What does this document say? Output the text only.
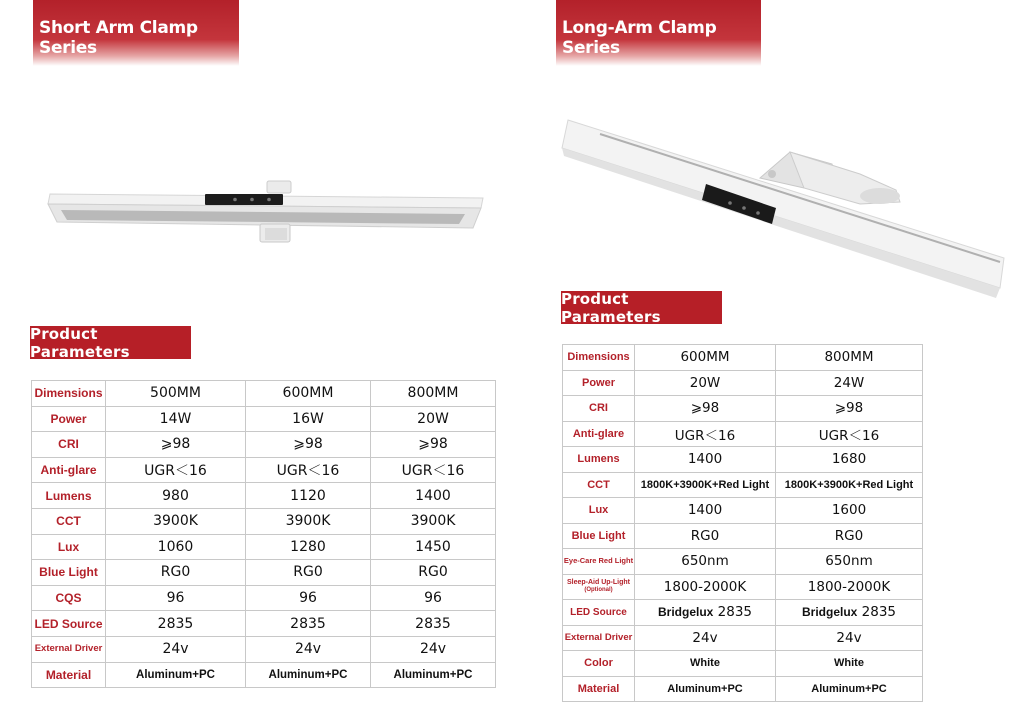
Short Arm Clamp Series
Long-Arm Clamp Series
Product Parameters
Product Parameters
Dimensions	500MM	600MM	800MM
Power	14W	16W	20W
CRI	⩾98	⩾98	⩾98
Anti-glare	UGR＜16	UGR＜16	UGR＜16
Lumens	980	1120	1400
CCT	3900K	3900K	3900K
Lux	1060	1280	1450
Blue Light	RG0	RG0	RG0
CQS	96	96	96
LED Source	2835	2835	2835
External Driver	24v	24v	24v
Material	Aluminum+PC	Aluminum+PC	Aluminum+PC
Dimensions	600MM	800MM
Power	20W	24W
CRI	⩾98	⩾98
Anti-glare	UGR＜16	UGR＜16
Lumens	1400	1680
CCT	1800K+3900K+Red Light	1800K+3900K+Red Light
Lux	1400	1600
Blue Light	RG0	RG0
Eye-Care Red Light	650nm	650nm
Sleep-Aid Up-Light
(Optional)	1800-2000K	1800-2000K
LED Source	Bridgelux 2835	Bridgelux 2835
External Driver	24v	24v
Color	White	White
Material	Aluminum+PC	Aluminum+PC
